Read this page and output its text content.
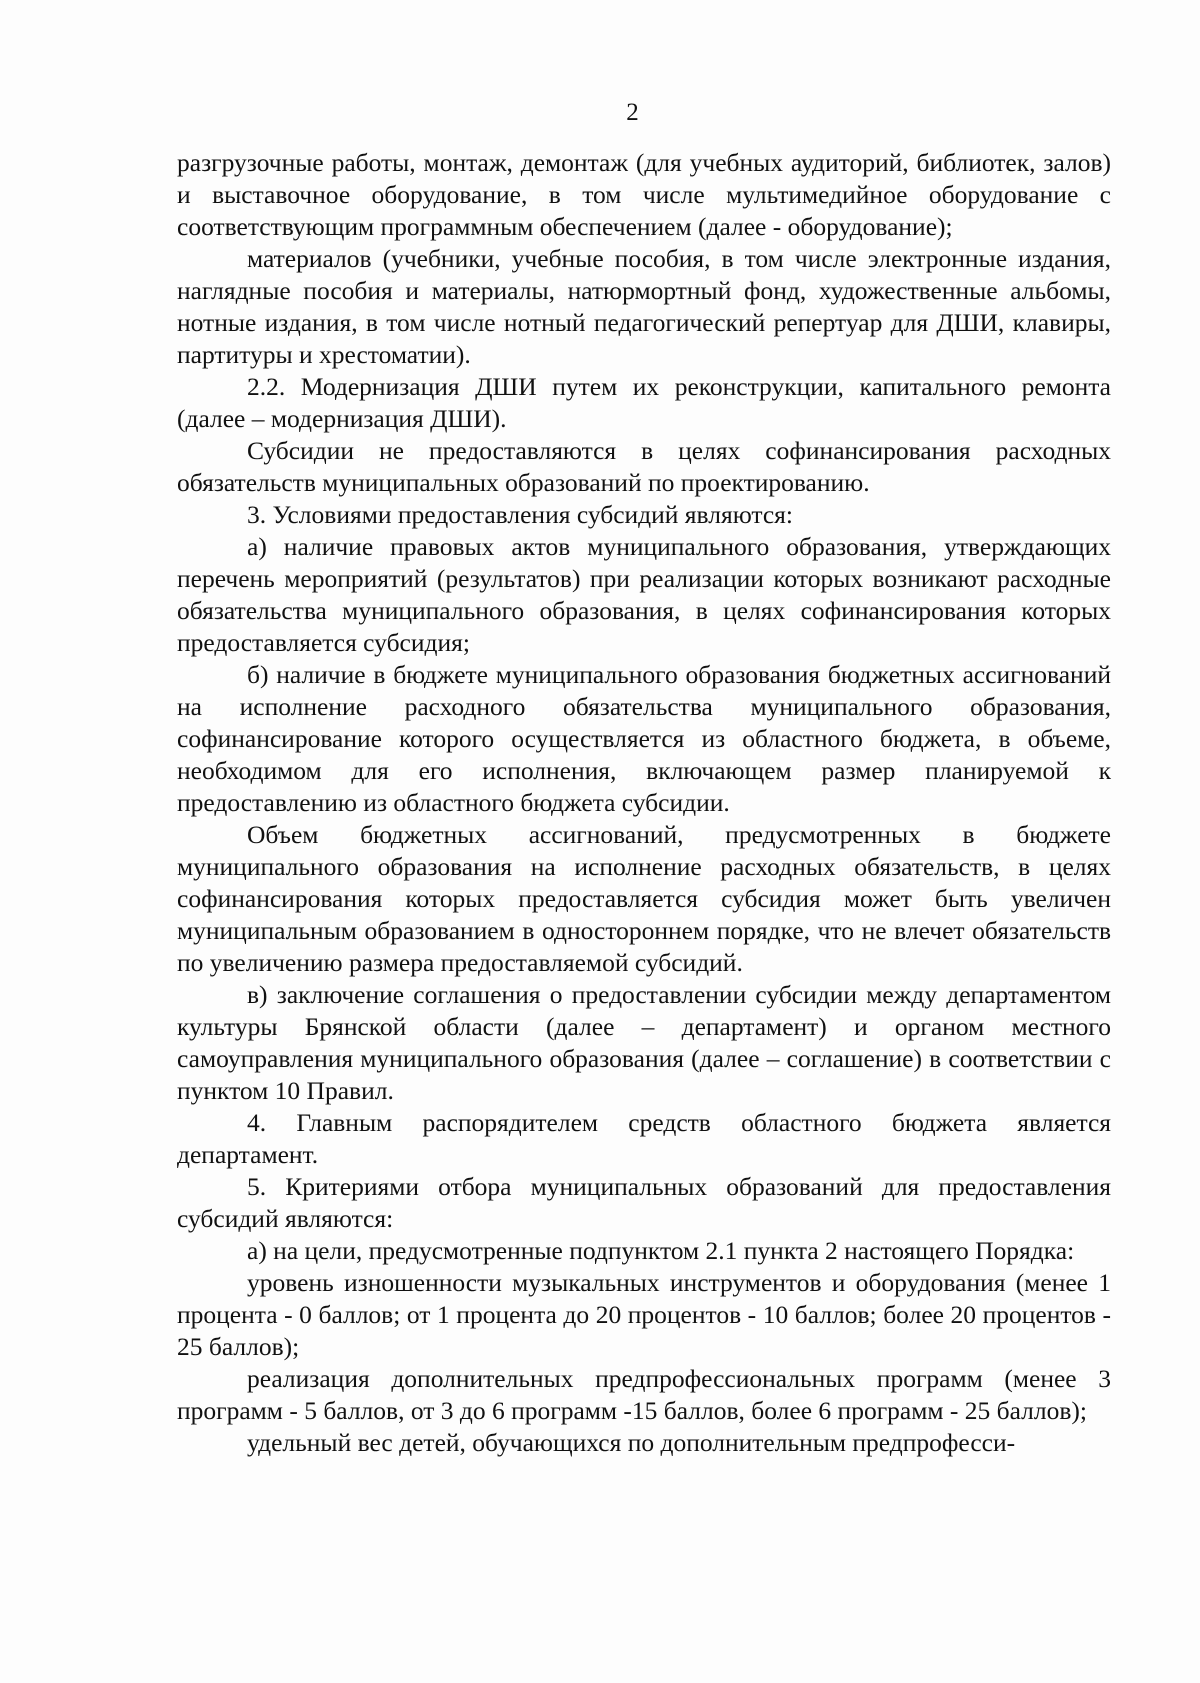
2

разгрузочные работы, монтаж, демонтаж (для учебных аудиторий, библиотек, залов) и выставочное оборудование, в том числе мультимедийное оборудование с соответствующим программным обеспечением (далее - оборудование);

материалов (учебники, учебные пособия, в том числе электронные издания, наглядные пособия и материалы, натюрмортный фонд, художественные альбомы, нотные издания, в том числе нотный педагогический репертуар для ДШИ, клавиры, партитуры и хрестоматии).

2.2. Модернизация ДШИ путем их реконструкции, капитального ремонта (далее – модернизация ДШИ).

Субсидии не предоставляются в целях софинансирования расходных обязательств муниципальных образований по проектированию.

3. Условиями предоставления субсидий являются:

а) наличие правовых актов муниципального образования, утверждающих перечень мероприятий (результатов) при реализации которых возникают расходные обязательства муниципального образования, в целях софинансирования которых предоставляется субсидия;

б) наличие в бюджете муниципального образования бюджетных ассигнований на исполнение расходного обязательства муниципального образования, софинансирование которого осуществляется из областного бюджета, в объеме, необходимом для его исполнения, включающем размер планируемой к предоставлению из областного бюджета субсидии.

Объем бюджетных ассигнований, предусмотренных в бюджете муниципального образования на исполнение расходных обязательств, в целях софинансирования которых предоставляется субсидия может быть увеличен муниципальным образованием в одностороннем порядке, что не влечет обязательств по увеличению размера предоставляемой субсидий.

в) заключение соглашения о предоставлении субсидии между департаментом культуры Брянской области (далее – департамент) и органом местного самоуправления муниципального образования (далее – соглашение) в соответствии с пунктом 10 Правил.

4. Главным распорядителем средств областного бюджета является департамент.

5. Критериями отбора муниципальных образований для предоставления субсидий являются:

а) на цели, предусмотренные подпунктом 2.1 пункта 2 настоящего Порядка:

уровень изношенности музыкальных инструментов и оборудования (менее 1 процента - 0 баллов; от 1 процента до 20 процентов - 10 баллов; более 20 процентов - 25 баллов);

реализация дополнительных предпрофессиональных программ (менее 3 программ - 5 баллов, от 3 до 6 программ -15 баллов, более 6 программ - 25 баллов);

удельный вес детей, обучающихся по дополнительным предпрофесси-
